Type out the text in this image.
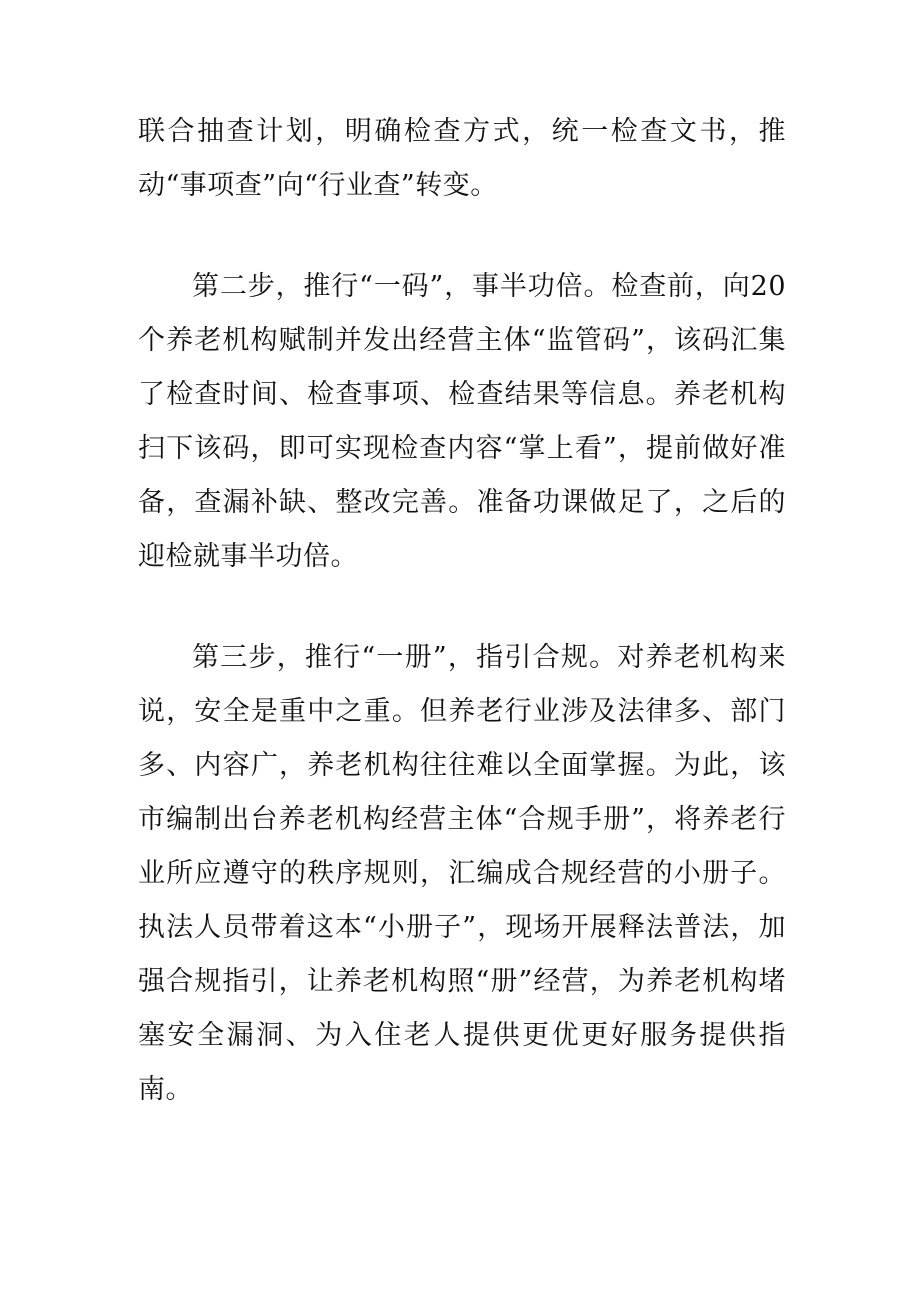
联合抽查计划，明确检查方式，统一检查文书，推动“事项查”向“行业查”转变。

第二步，推行“一码”，事半功倍。检查前，向20个养老机构赋制并发出经营主体“监管码”，该码汇集了检查时间、检查事项、检查结果等信息。养老机构扫下该码，即可实现检查内容“掌上看”，提前做好准备，查漏补缺、整改完善。准备功课做足了，之后的迎检就事半功倍。

第三步，推行“一册”，指引合规。对养老机构来说，安全是重中之重。但养老行业涉及法律多、部门多、内容广，养老机构往往难以全面掌握。为此，该市编制出台养老机构经营主体“合规手册”，将养老行业所应遵守的秩序规则，汇编成合规经营的小册子。执法人员带着这本“小册子”，现场开展释法普法，加强合规指引，让养老机构照“册”经营，为养老机构堵塞安全漏洞、为入住老人提供更优更好服务提供指南。
